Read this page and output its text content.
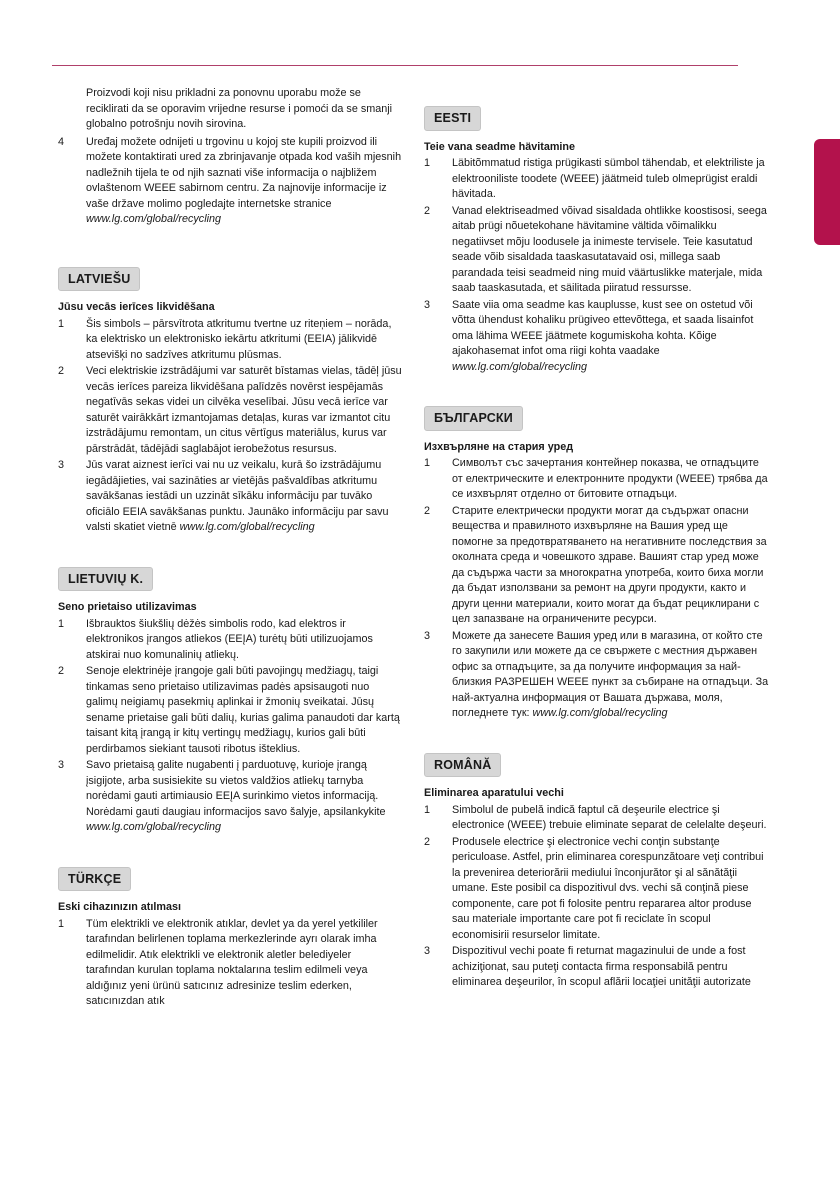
Proizvodi koji nisu prikladni za ponovnu uporabu može se reciklirati da se oporavim vrijedne resurse i pomoći da se smanji globalno potrošnju novih sirovina.
4	Uređaj možete odnijeti u trgovinu u kojoj ste kupili proizvod ili možete kontaktirati ured za zbrinjavanje otpada kod vaših mjesnih nadležnih tijela te od njih saznati više informacija o najbližem ovlaštenom WEEE sabirnom centru. Za najnovije informacije iz vaše države molimo pogledajte internetske stranice www.lg.com/global/recycling
LATVIEŠU
Jūsu vecās ierīces likvidēšana
1	Šis simbols – pārsvītrota atkritumu tvertne uz riteņiem – norāda, ka elektrisko un elektronisko iekārtu atkritumi (EEIA) jālikvidē atsevišķi no sadzīves atkritumu plūsmas.
2	Veci elektriskie izstrādājumi var saturēt bīstamas vielas, tādēļ jūsu vecās ierīces pareiza likvidēšana palīdzēs novērst iespējamās negatīvās sekas videi un cilvēka veselībai. Jūsu vecā ierīce var saturēt vairākkārt izmantojamas detaļas, kuras var izmantot citu izstrādājumu remontam, un citus vērtīgus materiālus, kurus var pārstrādāt, tādējādi saglabājot ierobežotus resursus.
3	Jūs varat aiznest ierīci vai nu uz veikalu, kurā šo izstrādājumu iegādājieties, vai sazināties ar vietējās pašvaldības atkritumu savākšanas iestādi un uzzināt sīkāku informāciju par tuvāko oficiālo EEIA savākšanas punktu. Jaunāko informāciju par savu valsti skatiet vietnē www.lg.com/global/recycling
LIETUVIŲ K.
Seno prietaiso utilizavimas
1	Išbrauktos šiukšlių dėžės simbolis rodo, kad elektros ir elektronikos įrangos atliekos (EEĮA) turėtų būti utilizuojamos atskirai nuo komunalinių atliekų.
2	Senoje elektrinėje įrangoje gali būti pavojingų medžiagų, taigi tinkamas seno prietaiso utilizavimas padės apsisaugoti nuo galimų neigiamų pasekmių aplinkai ir žmonių sveikatai. Jūsų sename prietaise gali būti dalių, kurias galima panaudoti dar kartą taisant kitą įrangą ir kitų vertingų medžiagų, kurios gali būti perdirbamos siekiant tausoti ribotus išteklius.
3	Savo prietaisą galite nugabenti į parduotuvę, kurioje įrangą įsigijote, arba susisiekite su vietos valdžios atliekų tarnyba norėdami gauti artimiausio EEĮA surinkimo vietos informaciją. Norėdami gauti daugiau informacijos savo šalyje, apsilankykite www.lg.com/global/recycling
TÜRKÇE
Eski cihazınızın atılması
1	Tüm elektrikli ve elektronik atıklar, devlet ya da yerel yetkililer tarafından belirlenen toplama merkezlerinde ayrı olarak imha edilmelidir. Atık elektrikli ve elektronik aletler belediyeler tarafından kurulan toplama noktalarına teslim edilmeli veya aldığınız yeni ürünü satıcınız adresinize teslim ederken, satıcınızdan atık
EESTI
Teie vana seadme hävitamine
1	Läbitõmmatud ristiga prügikasti sümbol tähendab, et elektriliste ja elektrooniliste toodete (WEEE) jäätmeid tuleb olmeprügist eraldi hävitada.
2	Vanad elektriseadmed võivad sisaldada ohtlikke koostisosi, seega aitab prügi nõuetekohane hävitamine vältida võimalikku negatiivset mõju loodusele ja inimeste tervisele. Teie kasutatud seade võib sisaldada taaskasutatavaid osi, millega saab parandada teisi seadmeid ning muid väärtuslikke materjale, mida saab taaskasutada, et säilitada piiratud ressursse.
3	Saate viia oma seadme kas kauplusse, kust see on ostetud või võtta ühendust kohaliku prügiveo ettevõttega, et saada lisainfot oma lähima WEEE jäätmete kogumiskoha kohta. Kõige ajakohasemat infot oma riigi kohta vaadake www.lg.com/global/recycling
БЪЛГАРСКИ
Изхвърляне на стария уред
1	Символът със зачертания контейнер показва, че отпадъците от електрическите и електронните продукти (WEEE) трябва да се изхвърлят отделно от битовите отпадъци.
2	Старите електрически продукти могат да съдържат опасни вещества и правилното изхвърляне на Вашия уред ще помогне за предотвратяването на негативните последствия за околната среда и човешкото здраве. Вашият стар уред може да съдържа части за многократна употреба, които биха могли да бъдат използвани за ремонт на други продукти, както и други ценни материали, които могат да бъдат рециклирани с цел запазване на ограничените ресурси.
3	Можете да занесете Вашия уред или в магазина, от който сте го закупили или можете да се свържете с местния държавен офис за отпадъците, за да получите информация за най-близкия РАЗРЕШЕН WEEE пункт за събиране на отпадъци. За най-актуална информация от Вашата държава, моля, погледнете тук: www.lg.com/global/recycling
ROMÂNĂ
Eliminarea aparatului vechi
1	Simbolul de pubelă indică faptul că deşeurile electrice şi electronice (WEEE) trebuie eliminate separat de celelalte deşeuri.
2	Produsele electrice şi electronice vechi conţin substanţe periculoase. Astfel, prin eliminarea corespunzătoare veţi contribui la prevenirea deteriorării mediului înconjurător şi al sănătăţii umane. Este posibil ca dispozitivul dvs. vechi să conţină piese componente, care pot fi folosite pentru repararea altor produse sau materiale importante care pot fi reciclate în scopul economisirii resurselor limitate.
3	Dispozitivul vechi poate fi returnat magazinului de unde a fost achiziţionat, sau puteţi contacta firma responsabilă pentru eliminarea deşeurilor, în scopul aflării locaţiei unităţii autorizate
